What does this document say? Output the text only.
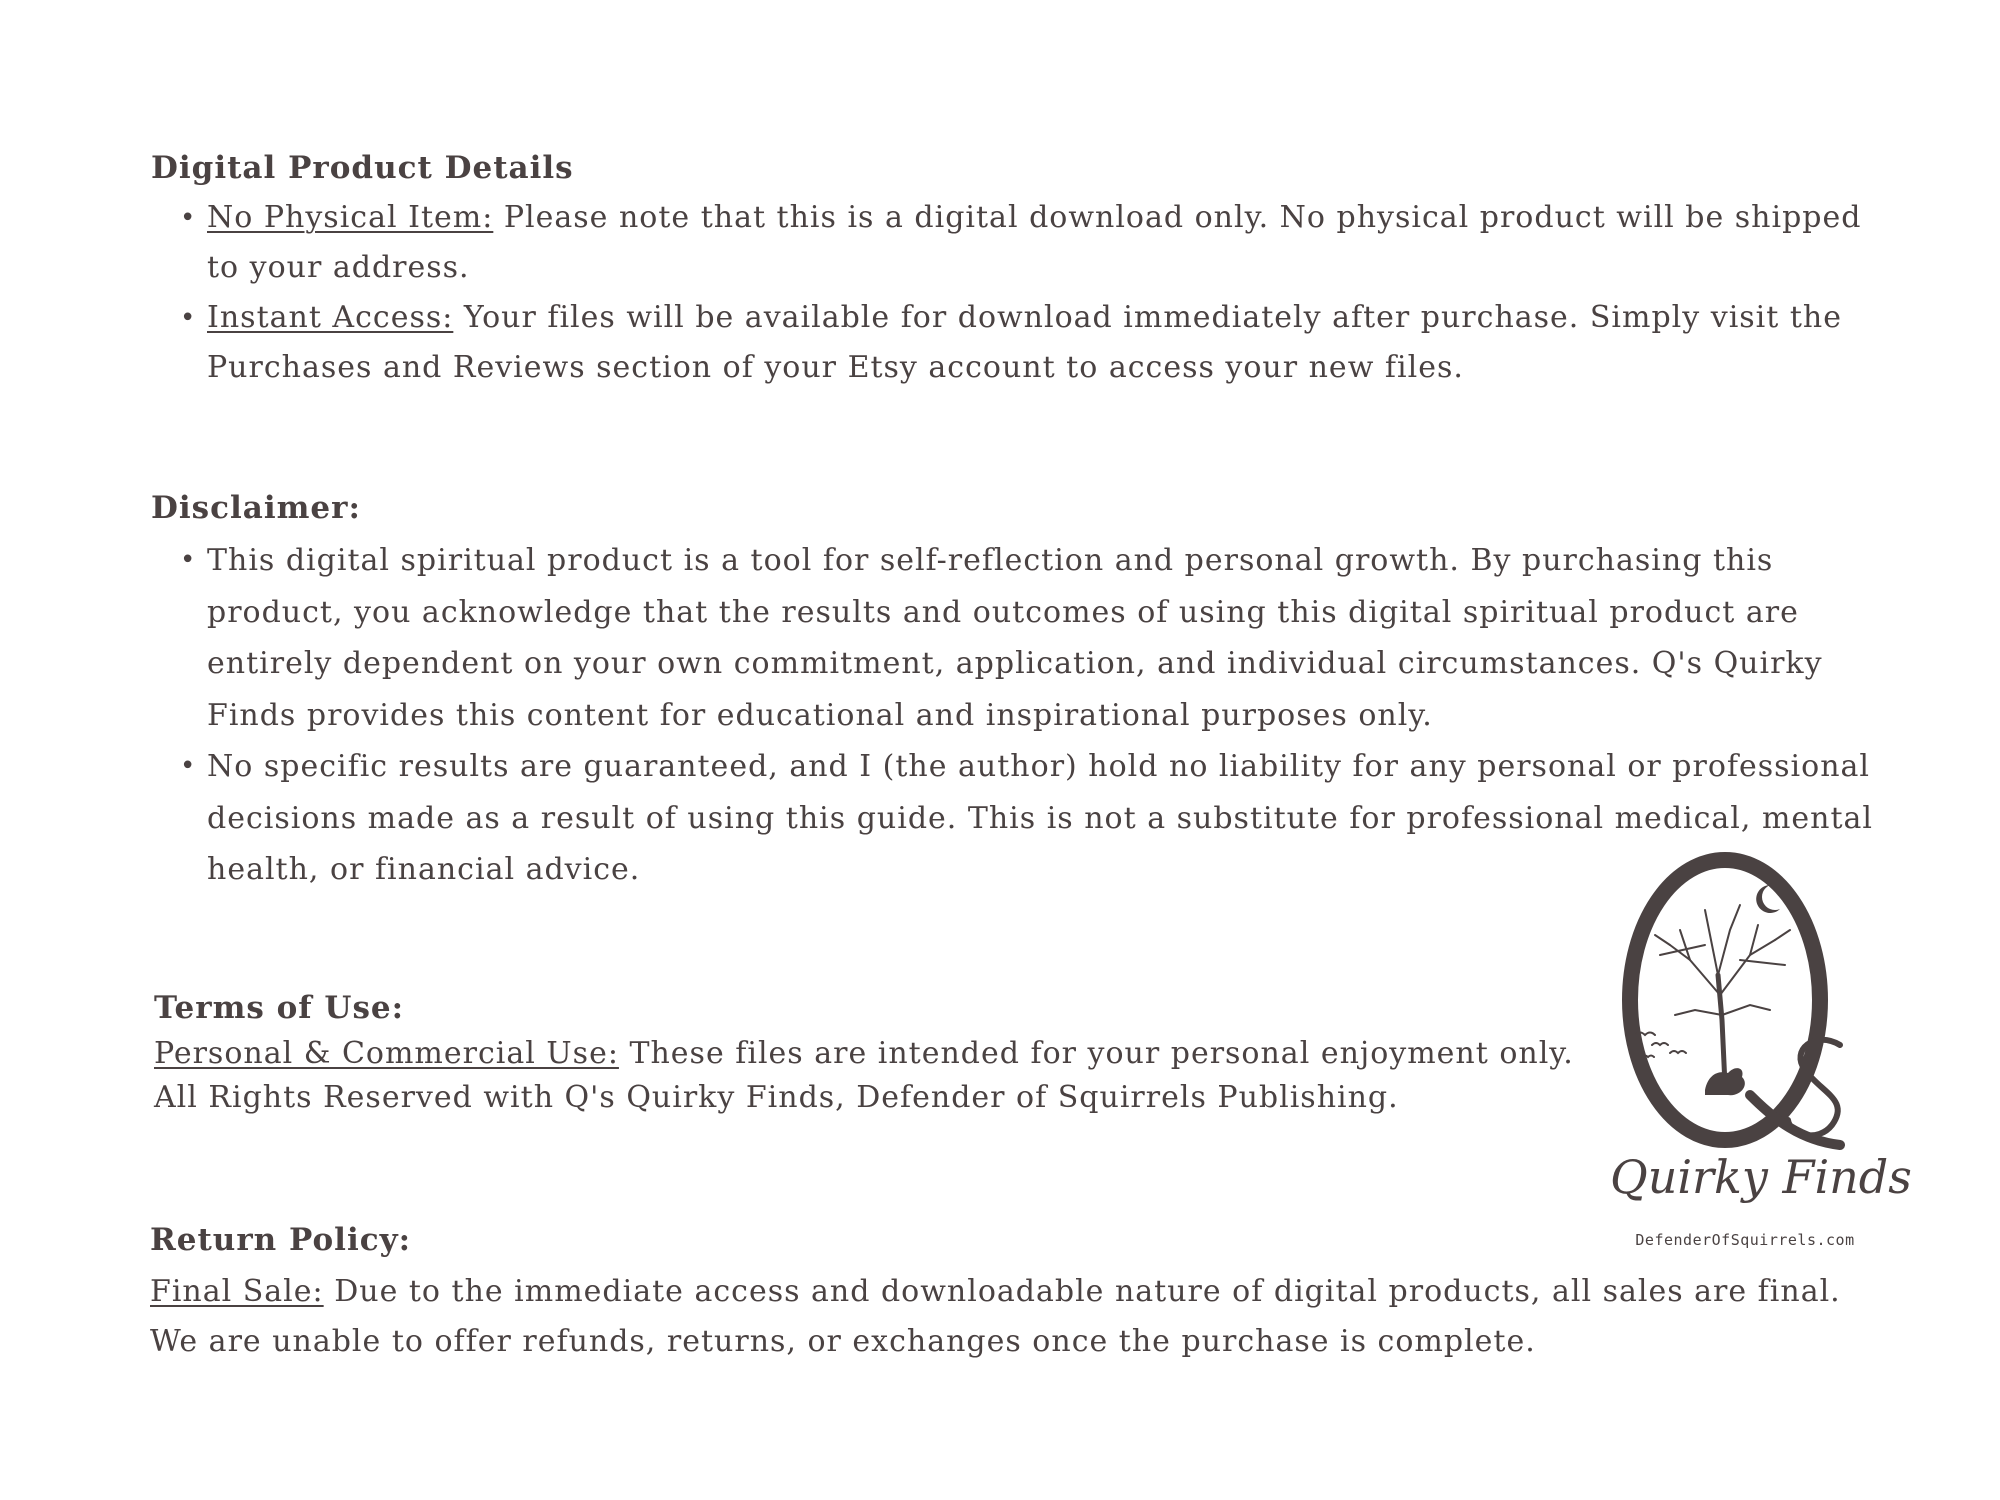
Digital Product Details
• No Physical Item: Please note that this is a digital download only. No physical product will be shipped to your address.
• Instant Access: Your files will be available for download immediately after purchase. Simply visit the Purchases and Reviews section of your Etsy account to access your new files.
Disclaimer:
• This digital spiritual product is a tool for self-reflection and personal growth. By purchasing this product, you acknowledge that the results and outcomes of using this digital spiritual product are entirely dependent on your own commitment, application, and individual circumstances. Q's Quirky Finds provides this content for educational and inspirational purposes only.
• No specific results are guaranteed, and I (the author) hold no liability for any personal or professional decisions made as a result of using this guide. This is not a substitute for professional medical, mental health, or financial advice.
Terms of Use:
Personal & Commercial Use: These files are intended for your personal enjoyment only.
All Rights Reserved with Q's Quirky Finds, Defender of Squirrels Publishing.
Return Policy:
Final Sale: Due to the immediate access and downloadable nature of digital products, all sales are final. We are unable to offer refunds, returns, or exchanges once the purchase is complete.
Quirky Finds
DefenderOfSquirrels.com
